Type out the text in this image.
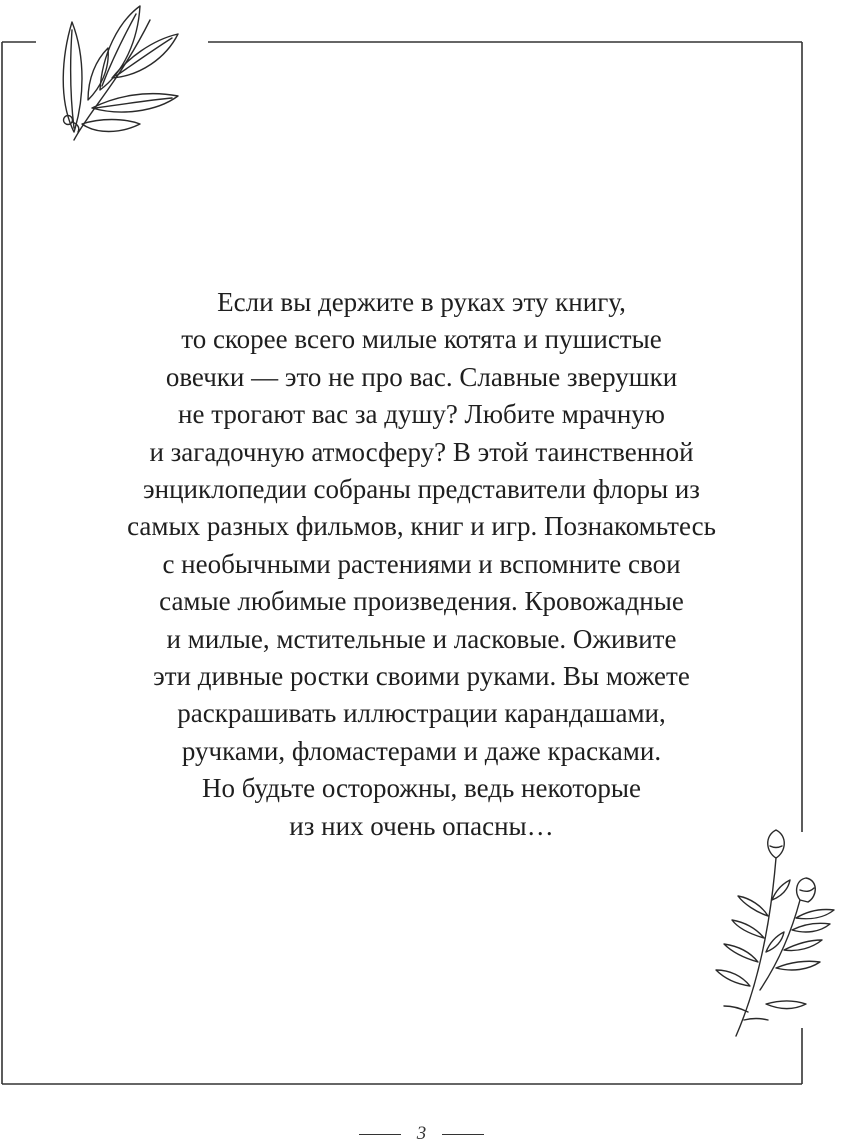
Если вы держите в руках эту книгу,
то скорее всего милые котята и пушистые
овечки — это не про вас. Славные зверушки
не трогают вас за душу? Любите мрачную
и загадочную атмосферу? В этой таинственной
энциклопедии собраны представители флоры из
самых разных фильмов, книг и игр. Познакомьтесь
с необычными растениями и вспомните свои
самые любимые произведения. Кровожадные
и милые, мстительные и ласковые. Оживите
эти дивные ростки своими руками. Вы можете
раскрашивать иллюстрации карандашами,
ручками, фломастерами и даже красками.
Но будьте осторожны, ведь некоторые
из них очень опасны…
3
